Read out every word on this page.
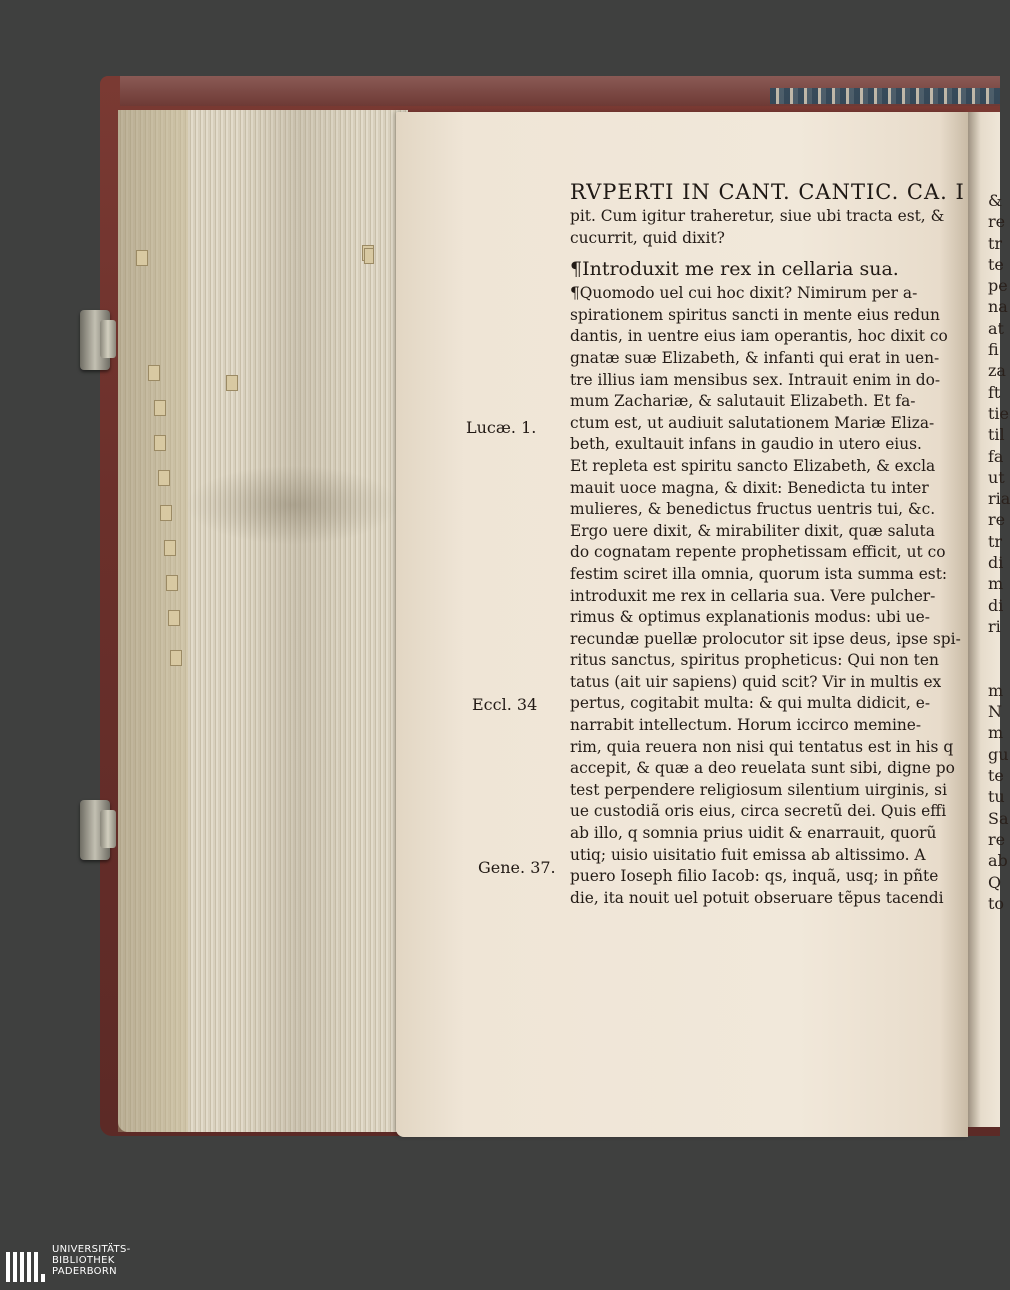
&
re
tr
te
pe
na
at
fi
za
ft
tie
til
fa
ut
ria
re
tr
di
m
di
ri

m
N
m
gu
te
tu
Sa
re
ab
Q
to
RVPERTI IN CANT. CANTIC. CA. I
pit. Cum igitur traheretur, siue ubi tracta est, &
cucurrit, quid dixit?
¶Introduxit me rex in cellaria sua.
¶Quomodo uel cui hoc dixit? Nimirum per a-
spirationem spiritus sancti in mente eius redun
dantis, in uentre eius iam operantis, hoc dixit co
gnatæ suæ Elizabeth, & infanti qui erat in uen-
tre illius iam mensibus sex. Intrauit enim in do-
mum Zachariæ, & salutauit Elizabeth. Et fa-
ctum est, ut audiuit salutationem Mariæ Eliza-
beth, exultauit infans in gaudio in utero eius.
Et repleta est spiritu sancto Elizabeth, & excla
mauit uoce magna, & dixit: Benedicta tu inter
mulieres, & benedictus fructus uentris tui, &c.
Ergo uere dixit, & mirabiliter dixit, quæ saluta
do cognatam repente prophetissam efficit, ut co
festim sciret illa omnia, quorum ista summa est:
introduxit me rex in cellaria sua. Vere pulcher-
rimus & optimus explanationis modus: ubi ue-
recundæ puellæ prolocutor sit ipse deus, ipse spi-
ritus sanctus, spiritus propheticus: Qui non ten
tatus (ait uir sapiens) quid scit? Vir in multis ex
pertus, cogitabit multa: & qui multa didicit, e-
narrabit intellectum. Horum iccirco memine-
rim, quia reuera non nisi qui tentatus est in his q
accepit, & quæ a deo reuelata sunt sibi, digne po
test perpendere religiosum silentium uirginis, si
ue custodiã oris eius, circa secretũ dei. Quis effi
ab illo, q somnia prius uidit & enarrauit, quorũ
utiq; uisio uisitatio fuit emissa ab altissimo. A
puero Ioseph filio Iacob: qs, inquã, usq; in pñte
die, ita nouit uel potuit obseruare tẽpus tacendi
Lucæ. 1.
Eccl. 34
Gene. 37.
UNIVERSITÄTS-
BIBLIOTHEK
PADERBORN
